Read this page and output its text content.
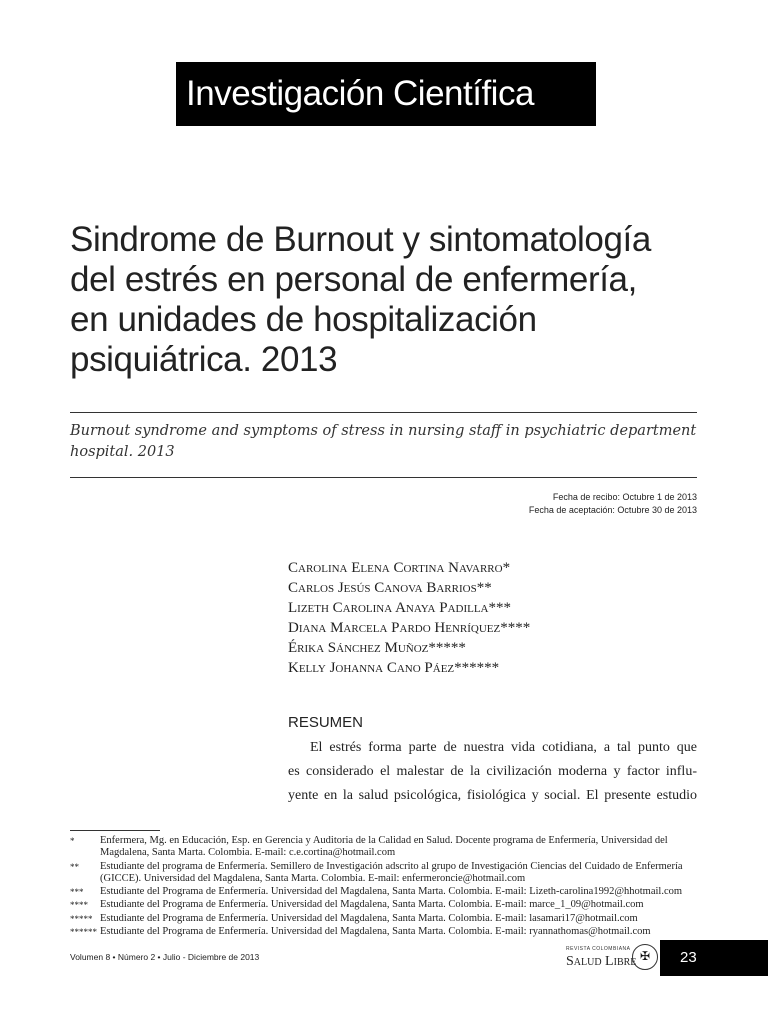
Investigación Científica
Sindrome de Burnout y sintomatología
del estrés en personal de enfermería,
en unidades de hospitalización
psiquiátrica. 2013
Burnout syndrome and symptoms of stress in nursing staff in psychiatric department
hospital. 2013
Fecha de recibo: Octubre 1 de 2013
Fecha de aceptación: Octubre 30 de 2013
Carolina Elena Cortina Navarro*
Carlos Jesús Canova Barrios**
Lizeth Carolina Anaya Padilla***
Diana Marcela Pardo Henríquez****
Érika Sánchez Muñoz*****
Kelly Johanna Cano Páez******
RESUMEN
El estrés forma parte de nuestra vida cotidiana, a tal punto que
es considerado el malestar de la civilización moderna y factor influ-
yente en la salud psicológica, fisiológica y social. El presente estudio
*	Enfermera, Mg. en Educación, Esp. en Gerencia y Auditoria de la Calidad en Salud. Docente programa de Enfermería, Universidad del Magdalena, Santa Marta. Colombia. E-mail: c.e.cortina@hotmail.com
**	Estudiante del programa de Enfermería. Semillero de Investigación adscrito al grupo de Investigación Ciencias del Cuidado de Enfermería (GICCE). Universidad del Magdalena, Santa Marta. Colombia. E-mail: enfermeroncie@hotmail.com
***	Estudiante del Programa de Enfermería. Universidad del Magdalena, Santa Marta. Colombia. E-mail: Lizeth-carolina1992@hhotmail.com
****	Estudiante del Programa de Enfermería. Universidad del Magdalena, Santa Marta. Colombia. E-mail: marce_1_09@hotmail.com
***** Estudiante del Programa de Enfermería. Universidad del Magdalena, Santa Marta. Colombia. E-mail: lasamari17@hotmail.com
****** Estudiante del Programa de Enfermería. Universidad del Magdalena, Santa Marta. Colombia. E-mail: ryannathomas@hotmail.com
Volumen 8 • Número 2 • Julio - Diciembre de 2013
REVISTA COLOMBIANA
Salud Libre ✠	23
